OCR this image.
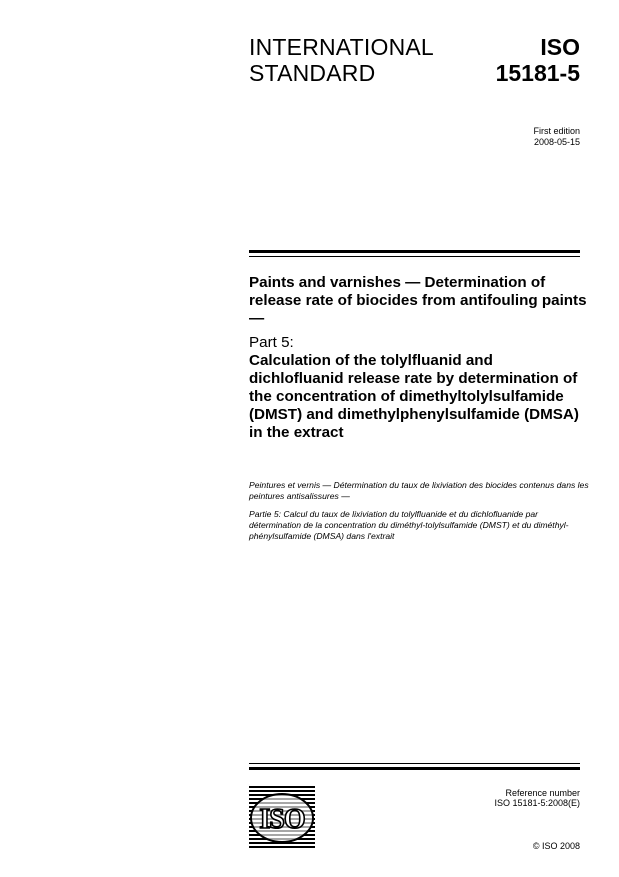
INTERNATIONAL
STANDARD
ISO
15181-5
First edition
2008-05-15

Paints and varnishes — Determination of release rate of biocides from antifouling paints —

Part 5:

Calculation of the tolylfluanid and dichlofluanid release rate by determination of the concentration of dimethyltolylsulfamide (DMST) and dimethylphenylsulfamide (DMSA) in the extract

Peintures et vernis — Détermination du taux de lixiviation des biocides contenus dans les peintures antisalissures —

Partie 5: Calcul du taux de lixiviation du tolylfluanide et du dichlofluanide par détermination de la concentration du diméthyl-tolylsulfamide (DMST) et du diméthyl-phénylsulfamide (DMSA) dans l'extrait

ISO
Reference number
ISO 15181-5:2008(E)
© ISO 2008
